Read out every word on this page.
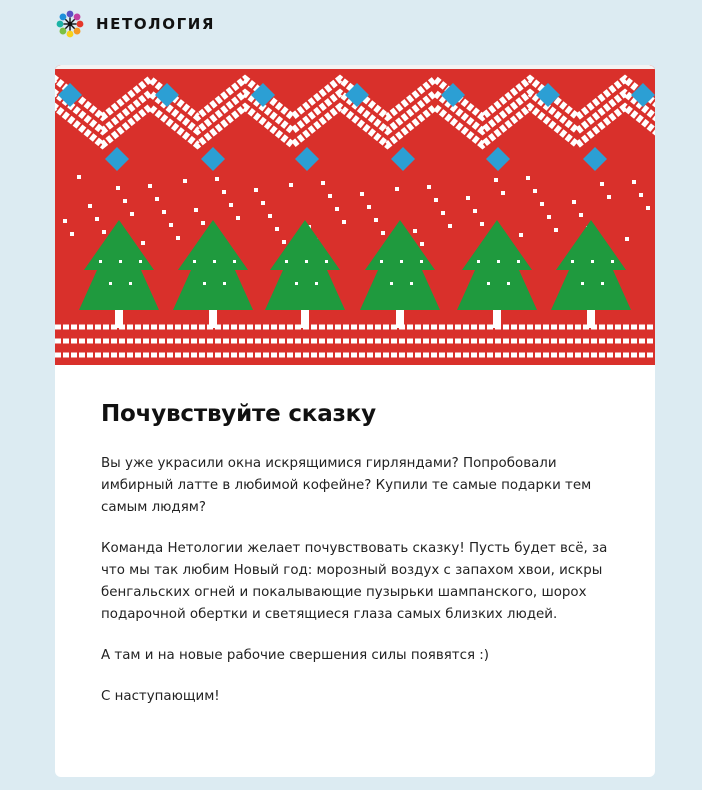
НЕТОЛОГИЯ
Почувствуйте сказку

Вы уже украсили окна искрящимися гирляндами? Попробовали имбирный латте в любимой кофейне? Купили те самые подарки тем самым людям?

Команда Нетологии желает почувствовать сказку! Пусть будет всё, за что мы так любим Новый год: морозный воздух с запахом хвои, искры бенгальских огней и покалывающие пузырьки шампанского, шорох подарочной обертки и светящиеся глаза самых близких людей.

А там и на новые рабочие свершения силы появятся :)

С наступающим!
